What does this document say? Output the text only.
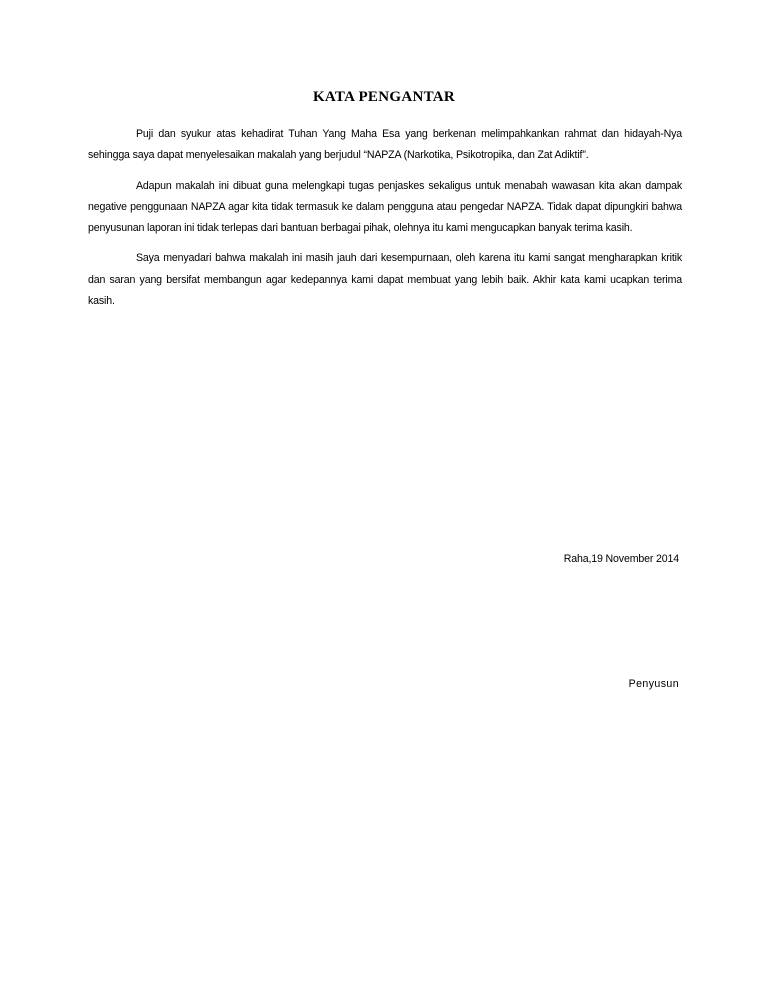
KATA PENGANTAR

Puji dan syukur atas kehadirat Tuhan Yang Maha Esa yang berkenan melimpahkankan rahmat dan hidayah-Nya sehingga saya dapat menyelesaikan makalah yang berjudul “NAPZA (Narkotika, Psikotropika, dan Zat Adiktif”.

Adapun makalah ini dibuat guna melengkapi tugas penjaskes sekaligus untuk menabah wawasan kita akan dampak negative penggunaan NAPZA agar kita tidak termasuk ke dalam pengguna atau pengedar NAPZA. Tidak dapat dipungkiri bahwa penyusunan laporan ini tidak terlepas dari bantuan berbagai pihak, olehnya itu kami mengucapkan banyak terima kasih.

Saya menyadari bahwa makalah ini masih jauh dari kesempurnaan, oleh karena itu kami sangat mengharapkan kritik dan saran yang bersifat membangun agar kedepannya kami dapat membuat yang lebih baik. Akhir kata kami ucapkan terima kasih.

Raha,19 November 2014
Penyusun
